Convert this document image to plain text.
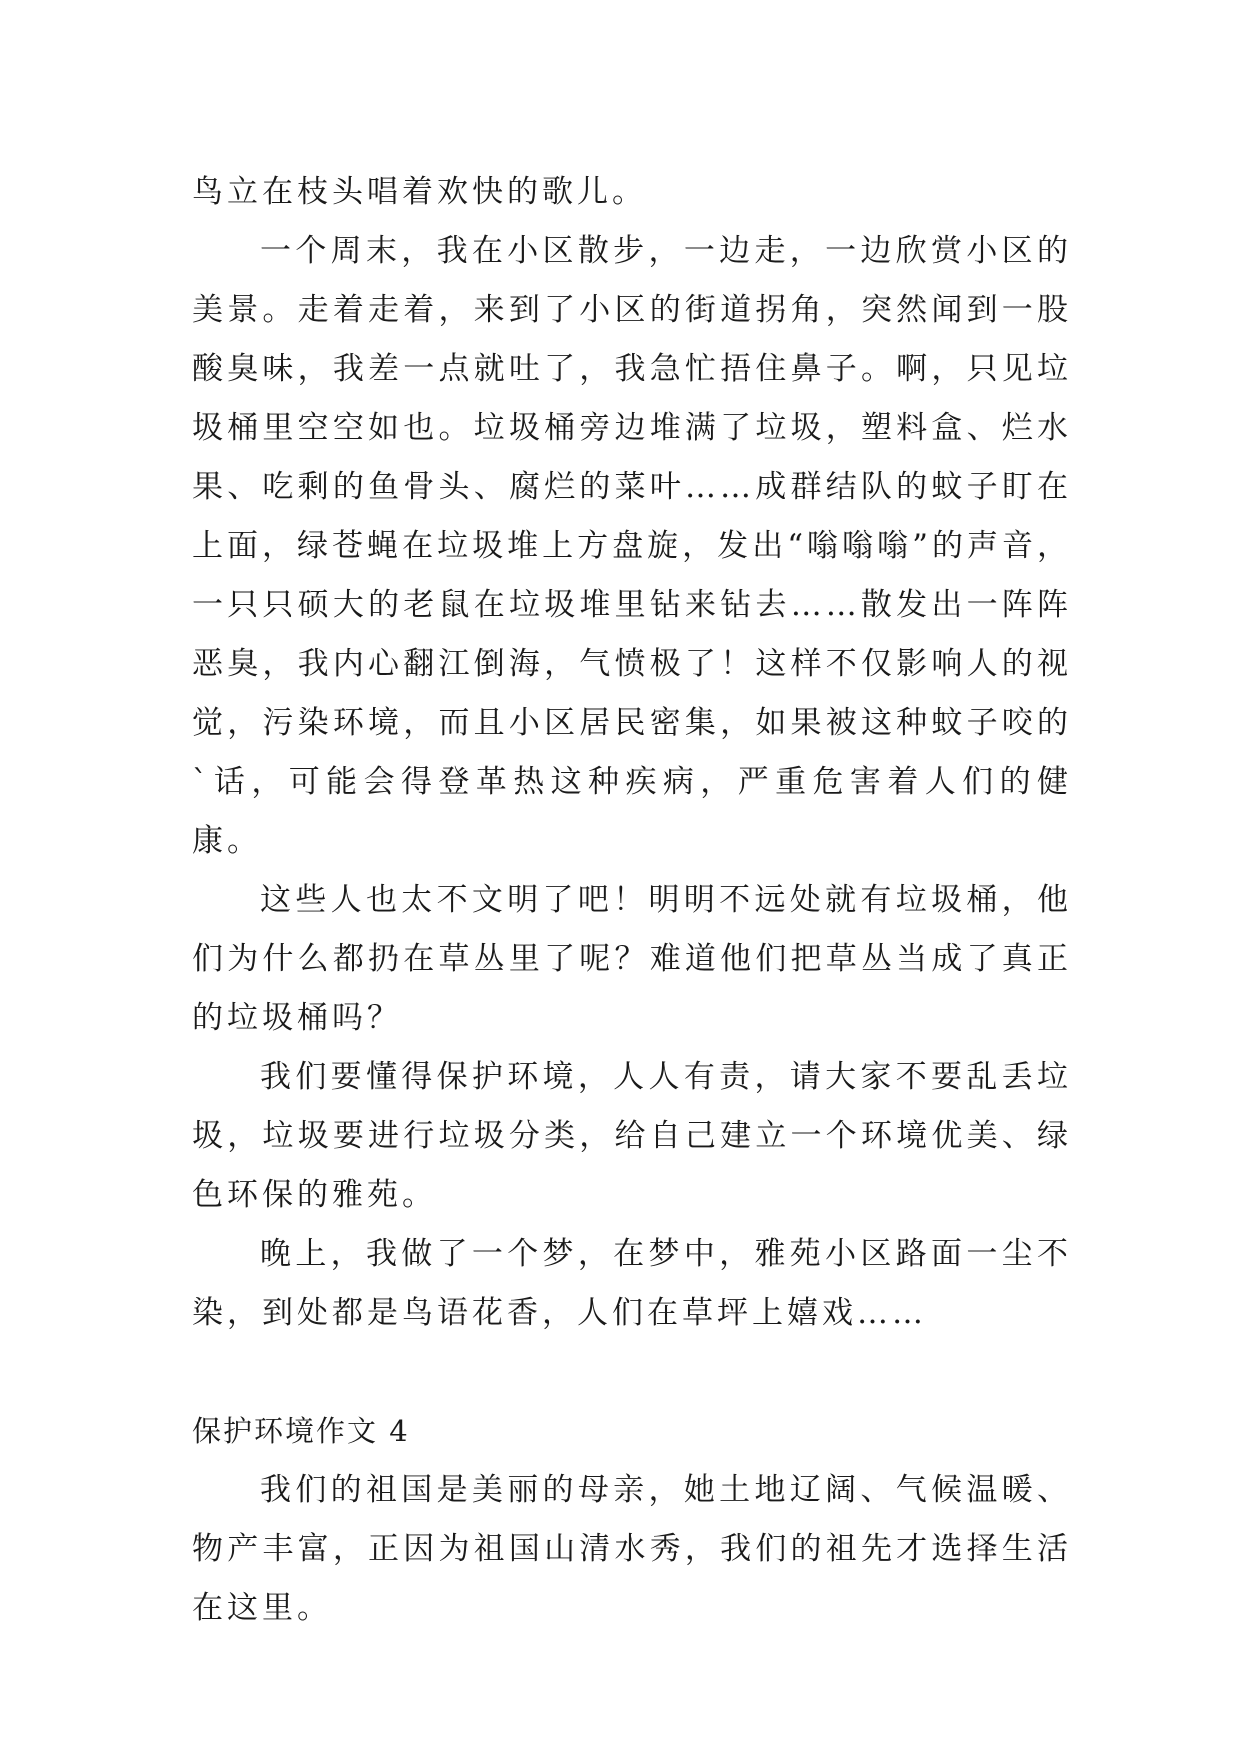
鸟立在枝头唱着欢快的歌儿。

一个周末，我在小区散步，一边走，一边欣赏小区的美景。走着走着，来到了小区的街道拐角，突然闻到一股酸臭味，我差一点就吐了，我急忙捂住鼻子。啊，只见垃圾桶里空空如也。垃圾桶旁边堆满了垃圾，塑料盒、烂水果、吃剩的鱼骨头、腐烂的菜叶……成群结队的蚊子盯在上面，绿苍蝇在垃圾堆上方盘旋，发出“嗡嗡嗡”的声音，一只只硕大的老鼠在垃圾堆里钻来钻去……散发出一阵阵恶臭，我内心翻江倒海，气愤极了！这样不仅影响人的视觉，污染环境，而且小区居民密集，如果被这种蚊子咬的`话，可能会得登革热这种疾病，严重危害着人们的健康。

这些人也太不文明了吧！明明不远处就有垃圾桶，他们为什么都扔在草丛里了呢？难道他们把草丛当成了真正的垃圾桶吗？

我们要懂得保护环境，人人有责，请大家不要乱丢垃圾，垃圾要进行垃圾分类，给自己建立一个环境优美、绿色环保的雅苑。

晚上，我做了一个梦，在梦中，雅苑小区路面一尘不染，到处都是鸟语花香，人们在草坪上嬉戏……

保护环境作文 4

我们的祖国是美丽的母亲，她土地辽阔、气候温暖、物产丰富，正因为祖国山清水秀，我们的祖先才选择生活在这里。
